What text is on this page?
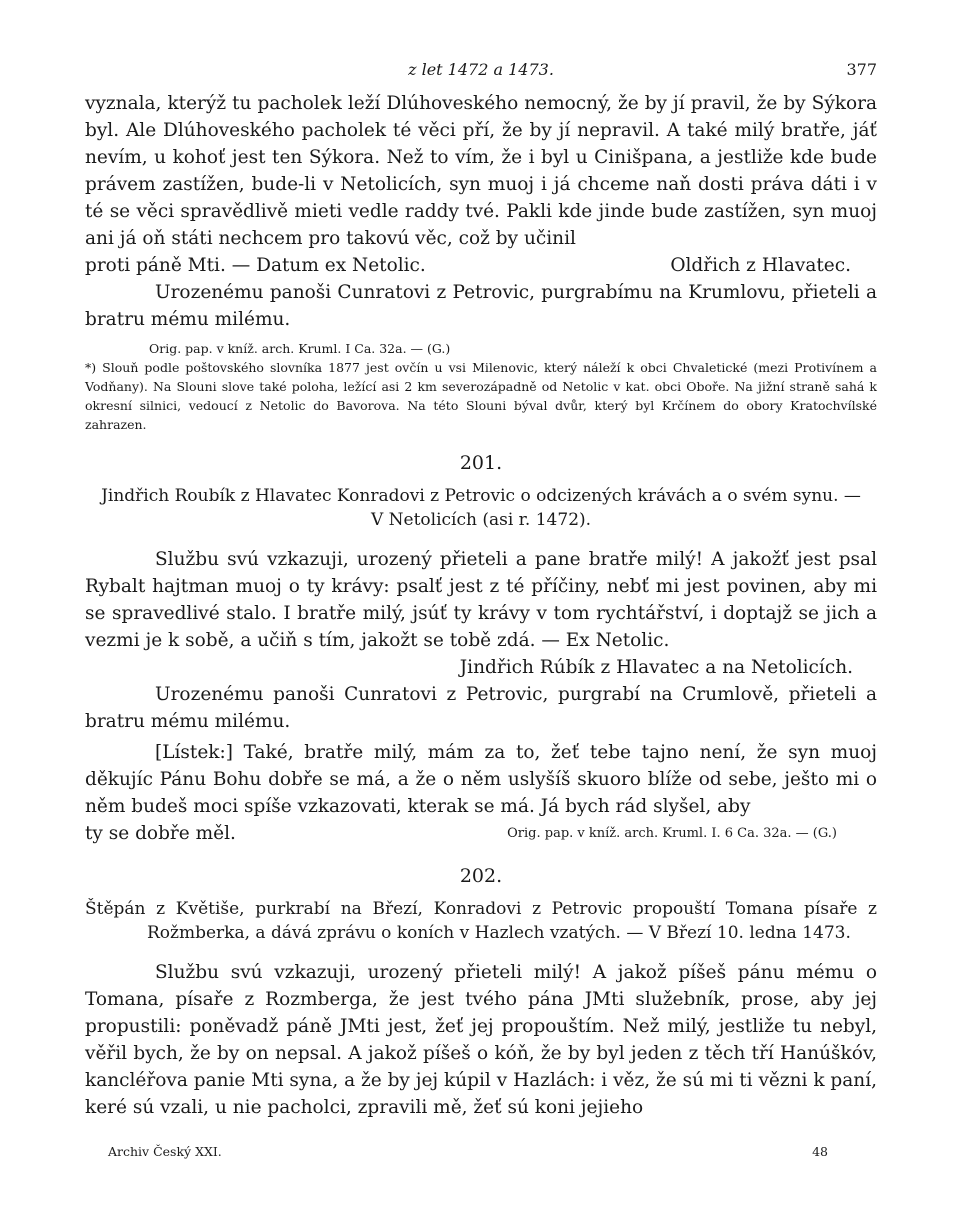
z let 1472 a 1473.	377

vyznala, kterýž tu pacholek leží Dlúhoveského nemocný, že by jí pravil, že by Sýkora byl. Ale Dlúhoveského pacholek té věci pří, že by jí nepravil. A také milý bratře, jáť nevím, u kohoť jest ten Sýkora. Než to vím, že i byl u Cinišpana, a jestliže kde bude právem zastížen, bude-li v Netolicích, syn muoj i já chceme naň dosti práva dáti i v té se věci spravědlivě mieti vedle raddy tvé. Pakli kde jinde bude zastížen, syn muoj ani já oň státi nechcem pro takovú věc, což by učinil

proti páně Mti. — Datum ex Netolic.	Oldřich z Hlavatec.

Urozenému panoši Cunratovi z Petrovic, purgrabímu na Krumlovu, přieteli a bratru mému milému.

Orig. pap. v kníž. arch. Kruml. I Ca. 32a. — (G.)
*) Slouň podle poštovského slovníka 1877 jest ovčín u vsi Milenovic, který náleží k obci Chvaletické (mezi Protivínem a Vodňany). Na Slouni slove také poloha, ležící asi 2 km severozápadně od Netolic v kat. obci Oboře. Na jižní straně sahá k okresní silnici, vedoucí z Netolic do Bavorova. Na této Slouni býval dvůr, který byl Krčínem do obory Kratochvílské zahrazen.
201.
Jindřich Roubík z Hlavatec Konradovi z Petrovic o odcizených krávách a o svém synu. —
V Netolicích (asi r. 1472).

Službu svú vzkazuji, urozený přieteli a pane bratře milý! A jakožť jest psal Rybalt hajtman muoj o ty krávy: psalť jest z té příčiny, nebť mi jest povinen, aby mi se spravedlivé stalo. I bratře milý, jsúť ty krávy v tom rychtářství, i doptajž se jich a vezmi je k sobě, a učiň s tím, jakožt se tobě zdá. — Ex Netolic.

Jindřich Rúbík z Hlavatec a na Netolicích.

Urozenému panoši Cunratovi z Petrovic, purgrabí na Crumlově, přieteli a bratru mému milému.

[Lístek:] Také, bratře milý, mám za to, žeť tebe tajno není, že syn muoj děkujíc Pánu Bohu dobře se má, a že o něm uslyšíš skuoro blíže od sebe, ješto mi o něm budeš moci spíše vzkazovati, kterak se má. Já bych rád slyšel, aby

ty se dobře měl.	Orig. pap. v kníž. arch. Kruml. I. 6 Ca. 32a. — (G.)
202.
Štěpán z Květiše, purkrabí na Březí, Konradovi z Petrovic propouští Tomana písaře z Rožmberka, a dává zprávu o koních v Hazlech vzatých. — V Březí 10. ledna 1473.

Službu svú vzkazuji, urozený přieteli milý! A jakož píšeš pánu mému o Tomana, písaře z Rozmberga, že jest tvého pána JMti služebník, prose, aby jej propustili: poněvadž páně JMti jest, žeť jej propouštím. Než milý, jestliže tu nebyl, věřil bych, že by on nepsal. A jakož píšeš o kóň, že by byl jeden z těch tří Hanúškóv, kancléřova panie Mti syna, a že by jej kúpil v Hazlách: i věz, že sú mi ti vězni k paní, keré sú vzali, u nie pacholci, zpravili mě, žeť sú koni jejieho

Archiv Český XXI.	48
